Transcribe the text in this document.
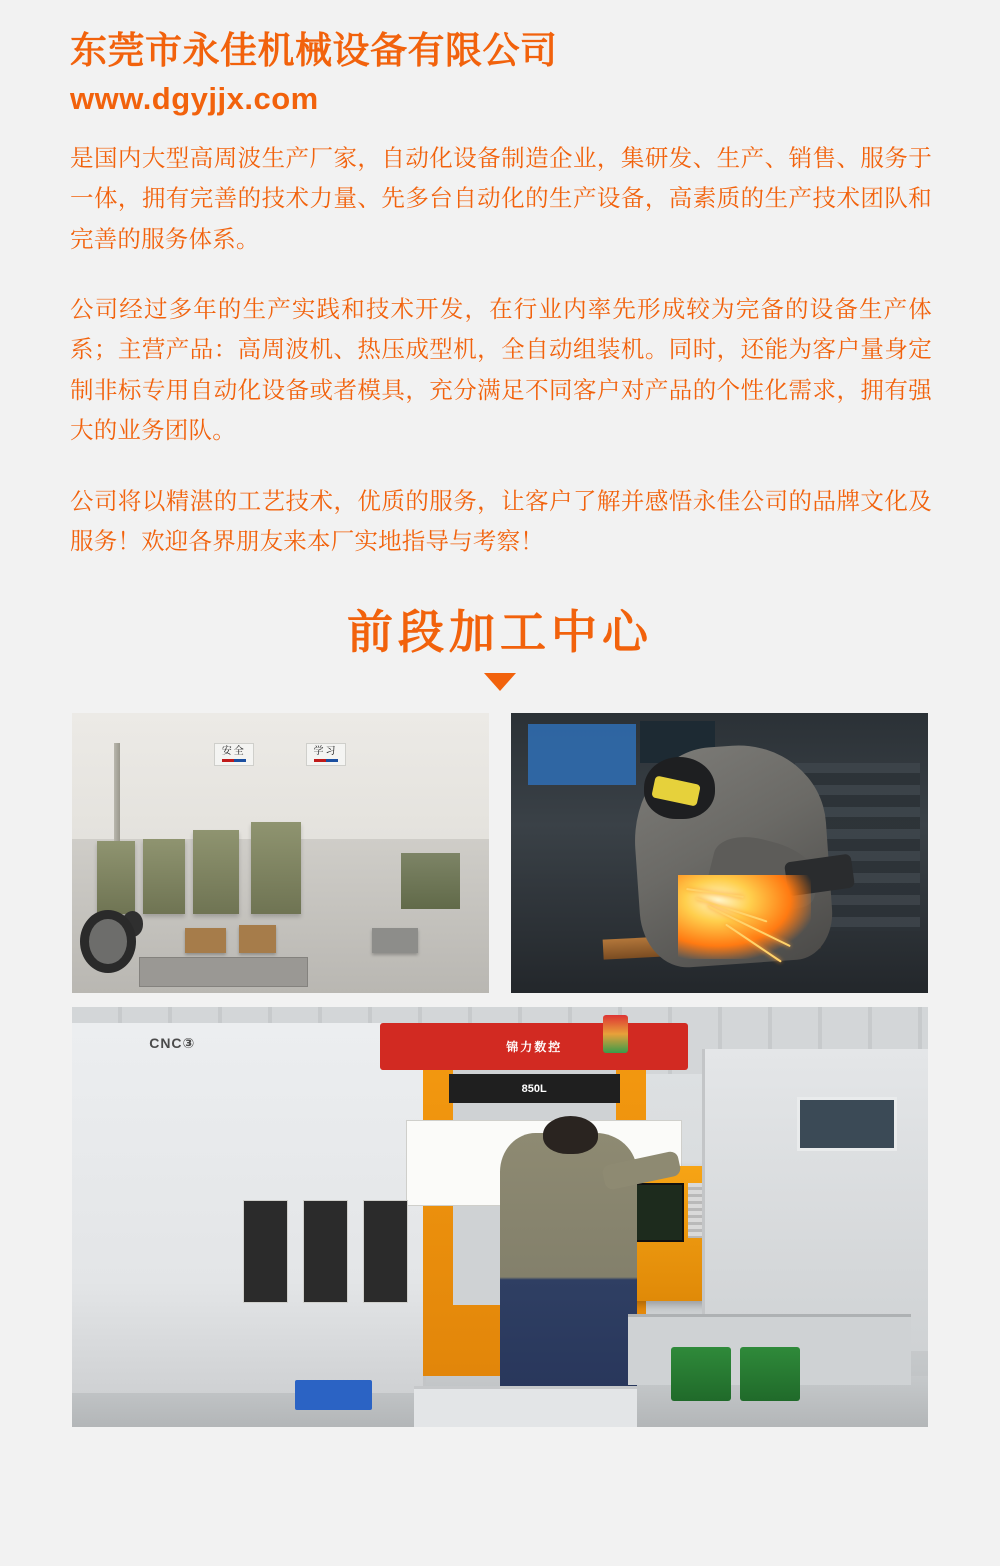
东莞市永佳机械设备有限公司
www.dgyjjx.com

是国内大型高周波生产厂家，自动化设备制造企业，集研发、生产、销售、服务于一体，拥有完善的技术力量、先多台自动化的生产设备，高素质的生产技术团队和完善的服务体系。

公司经过多年的生产实践和技术开发，在行业内率先形成较为完备的设备生产体系；主营产品：高周波机、热压成型机，全自动组装机。同时，还能为客户量身定制非标专用自动化设备或者模具，充分满足不同客户对产品的个性化需求，拥有强大的业务团队。

公司将以精湛的工艺技术，优质的服务，让客户了解并感悟永佳公司的品牌文化及服务！欢迎各界朋友来本厂实地指导与考察！

前段加工中心
安全	学习
CNC③	锦力数控
850L
